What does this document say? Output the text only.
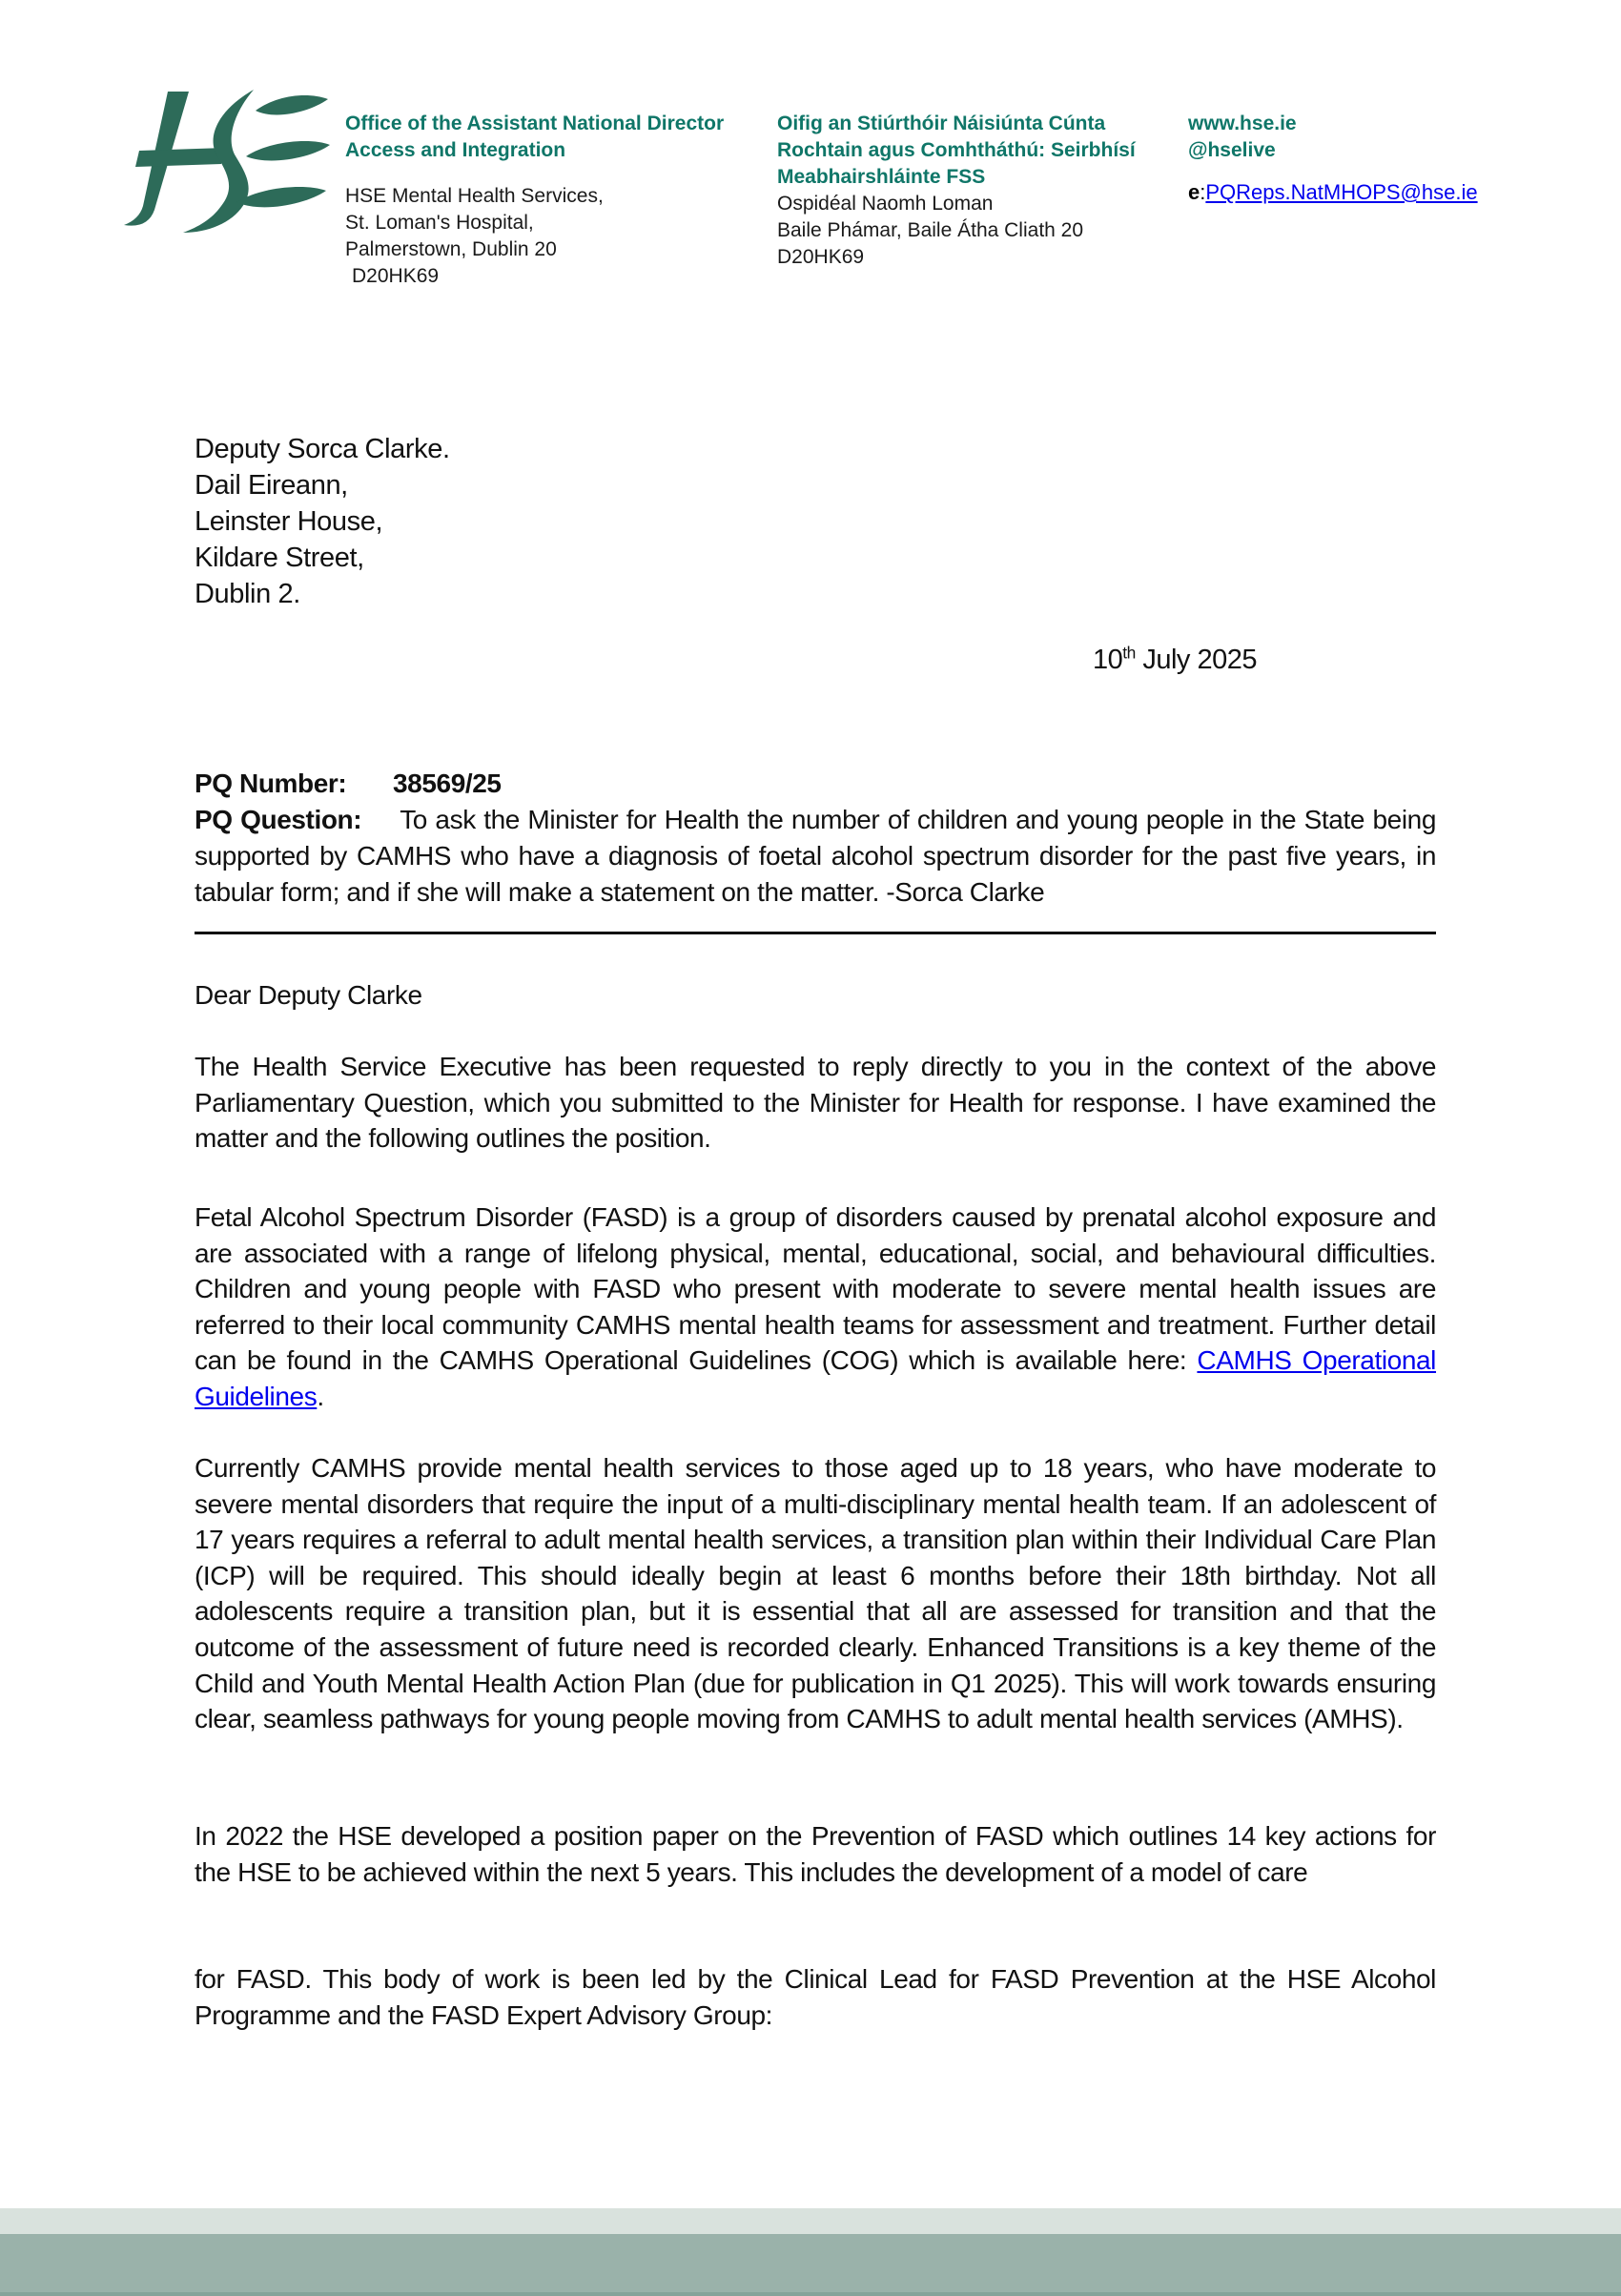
Office of the Assistant National Director
Access and Integration
HSE Mental Health Services,
St. Loman's Hospital,
Palmerstown, Dublin 20
D20HK69
Oifig an Stiúrthóir Náisiúnta Cúnta
Rochtain agus Comhtháthú: Seirbhísí
Meabhairshláinte FSS
Ospidéal Naomh Loman
Baile Phámar, Baile Átha Cliath 20
D20HK69
www.hse.ie
@hselive
e:PQReps.NatMHOPS@hse.ie
Deputy Sorca Clarke.
Dail Eireann,
Leinster House,
Kildare Street,
Dublin 2.
10th July 2025
PQ Number: 38569/25
PQ Question: To ask the Minister for Health the number of children and young people in the State being supported by CAMHS who have a diagnosis of foetal alcohol spectrum disorder for the past five years, in tabular form; and if she will make a statement on the matter. -Sorca Clarke
Dear Deputy Clarke
The Health Service Executive has been requested to reply directly to you in the context of the above Parliamentary Question, which you submitted to the Minister for Health for response. I have examined the matter and the following outlines the position.
Fetal Alcohol Spectrum Disorder (FASD) is a group of disorders caused by prenatal alcohol exposure and are associated with a range of lifelong physical, mental, educational, social, and behavioural difficulties. Children and young people with FASD who present with moderate to severe mental health issues are referred to their local community CAMHS mental health teams for assessment and treatment. Further detail can be found in the CAMHS Operational Guidelines (COG) which is available here: CAMHS Operational Guidelines.
Currently CAMHS provide mental health services to those aged up to 18 years, who have moderate to severe mental disorders that require the input of a multi-disciplinary mental health team. If an adolescent of 17 years requires a referral to adult mental health services, a transition plan within their Individual Care Plan (ICP) will be required. This should ideally begin at least 6 months before their 18th birthday. Not all adolescents require a transition plan, but it is essential that all are assessed for transition and that the outcome of the assessment of future need is recorded clearly. Enhanced Transitions is a key theme of the Child and Youth Mental Health Action Plan (due for publication in Q1 2025). This will work towards ensuring clear, seamless pathways for young people moving from CAMHS to adult mental health services (AMHS).
In 2022 the HSE developed a position paper on the Prevention of FASD which outlines 14 key actions for the HSE to be achieved within the next 5 years. This includes the development of a model of care
for FASD. This body of work is been led by the Clinical Lead for FASD Prevention at the HSE Alcohol Programme and the FASD Expert Advisory Group:
